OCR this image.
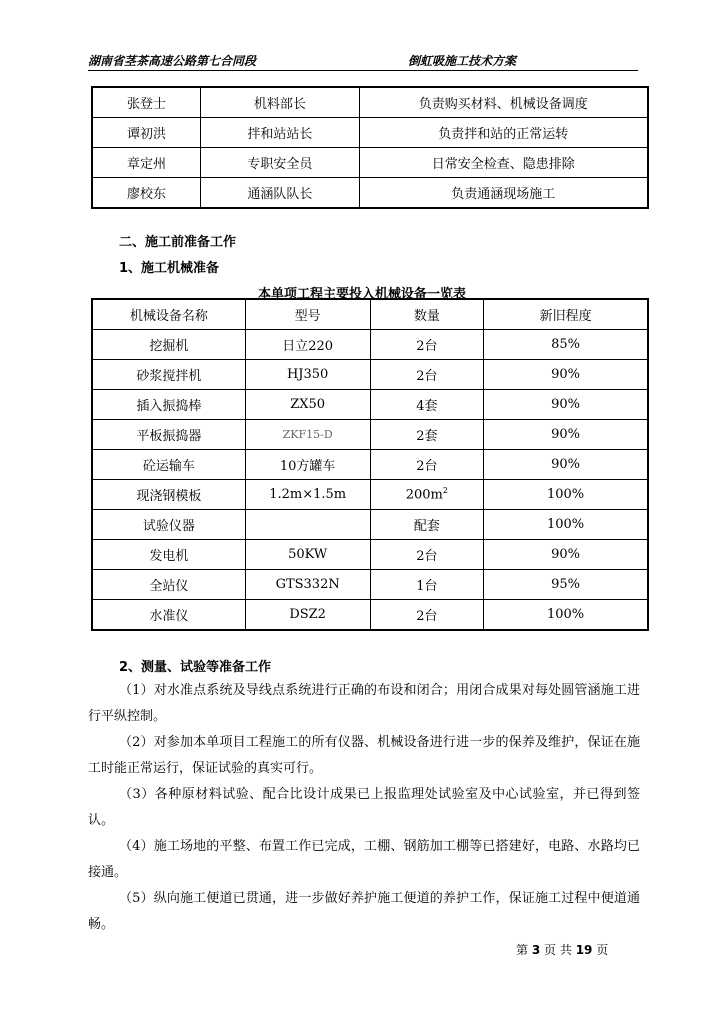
湖南省茎茶高速公路第七合同段	倒虹吸施工技术方案
张登士	机料部长	负责购买材料、机械设备调度
谭初洪	拌和站站长	负责拌和站的正常运转
章定州	专职安全员	日常安全检查、隐患排除
廖校东	通涵队队长	负责通涵现场施工
二、施工前准备工作
1、施工机械准备
本单项工程主要投入机械设备一览表
机械设备名称	型号	数量	新旧程度
挖掘机	日立220	2台	85%
砂浆搅拌机	HJ350	2台	90%
插入振捣棒	ZX50	4套	90%
平板振捣器	ZKF15-D	2套	90%
砼运输车	10方罐车	2台	90%
现浇钢模板	1.2m×1.5m	$200m^2$	100%
试验仪器		配套	100%
发电机	50KW	2台	90%
全站仪	GTS332N	1台	95%
水准仪	DSZ2	2台	100%
2、测量、试验等准备工作
（1）对水准点系统及导线点系统进行正确的布设和闭合；用闭合成果对每处圆管涵施工进行平纵控制。
（2）对参加本单项目工程施工的所有仪器、机械设备进行进一步的保养及维护，保证在施工时能正常运行，保证试验的真实可行。
（3）各种原材料试验、配合比设计成果已上报监理处试验室及中心试验室，并已得到签认。
（4）施工场地的平整、布置工作已完成，工棚、钢筋加工棚等已搭建好，电路、水路均已接通。
（5）纵向施工便道已贯通，进一步做好养护施工便道的养护工作，保证施工过程中便道通畅。
第 3 页 共 19 页
